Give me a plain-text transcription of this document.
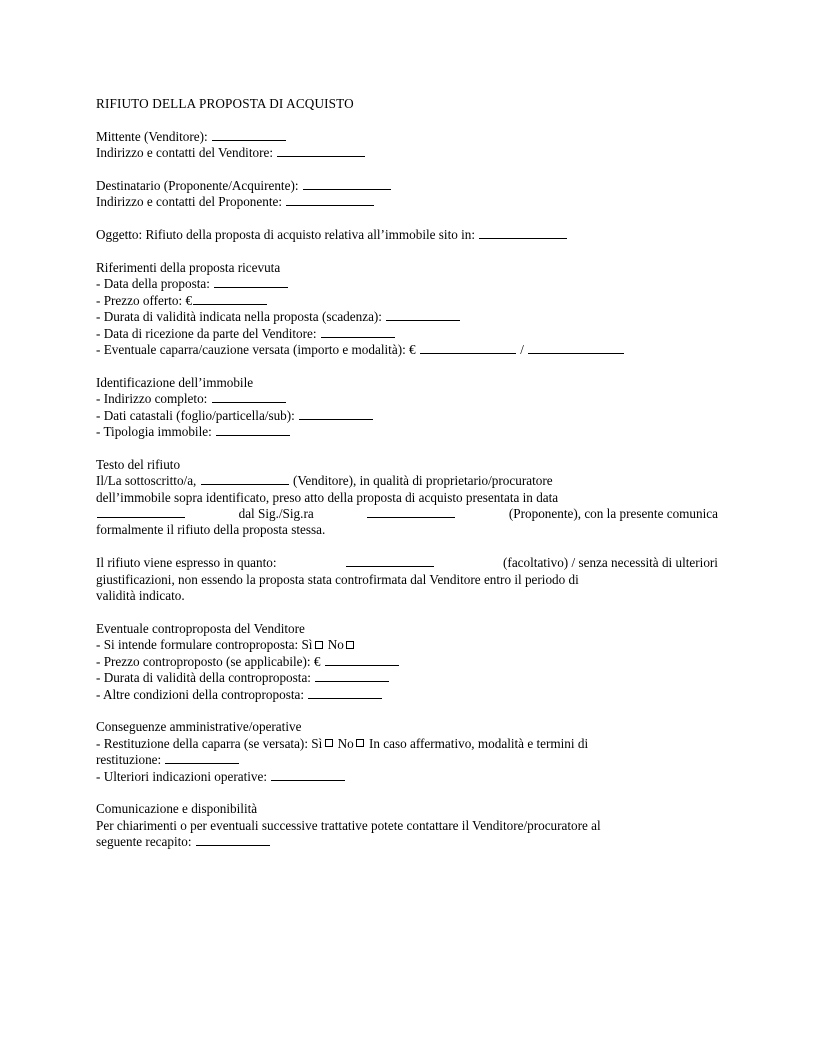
RIFIUTO DELLA PROPOSTA DI ACQUISTO
Mittente (Venditore):
Indirizzo e contatti del Venditore:
Destinatario (Proponente/Acquirente):
Indirizzo e contatti del Proponente:
Oggetto: Rifiuto della proposta di acquisto relativa all’immobile sito in:
Riferimenti della proposta ricevuta
- Data della proposta:
- Prezzo offerto: €
- Durata di validità indicata nella proposta (scadenza):
- Data di ricezione da parte del Venditore:
- Eventuale caparra/cauzione versata (importo e modalità): €	/
Identificazione dell’immobile
- Indirizzo completo:
- Dati catastali (foglio/particella/sub):
- Tipologia immobile:
Testo del rifiuto
Il/La sottoscritto/a,	(Venditore), in qualità di proprietario/procuratore
dell’immobile sopra identificato, preso atto della proposta di acquisto presentata in data
dal Sig./Sig.ra	(Proponente), con la presente comunica
formalmente il rifiuto della proposta stessa.
Il rifiuto viene espresso in quanto:	(facoltativo) / senza necessità di ulteriori
giustificazioni, non essendo la proposta stata controfirmata dal Venditore entro il periodo di
validità indicato.
Eventuale controproposta del Venditore
- Si intende formulare controproposta: Sì No
- Prezzo controproposto (se applicabile): €
- Durata di validità della controproposta:
- Altre condizioni della controproposta:
Conseguenze amministrative/operative
- Restituzione della caparra (se versata): Sì No In caso affermativo, modalità e termini di
restituzione:
- Ulteriori indicazioni operative:
Comunicazione e disponibilità
Per chiarimenti o per eventuali successive trattative potete contattare il Venditore/procuratore al
seguente recapito:
